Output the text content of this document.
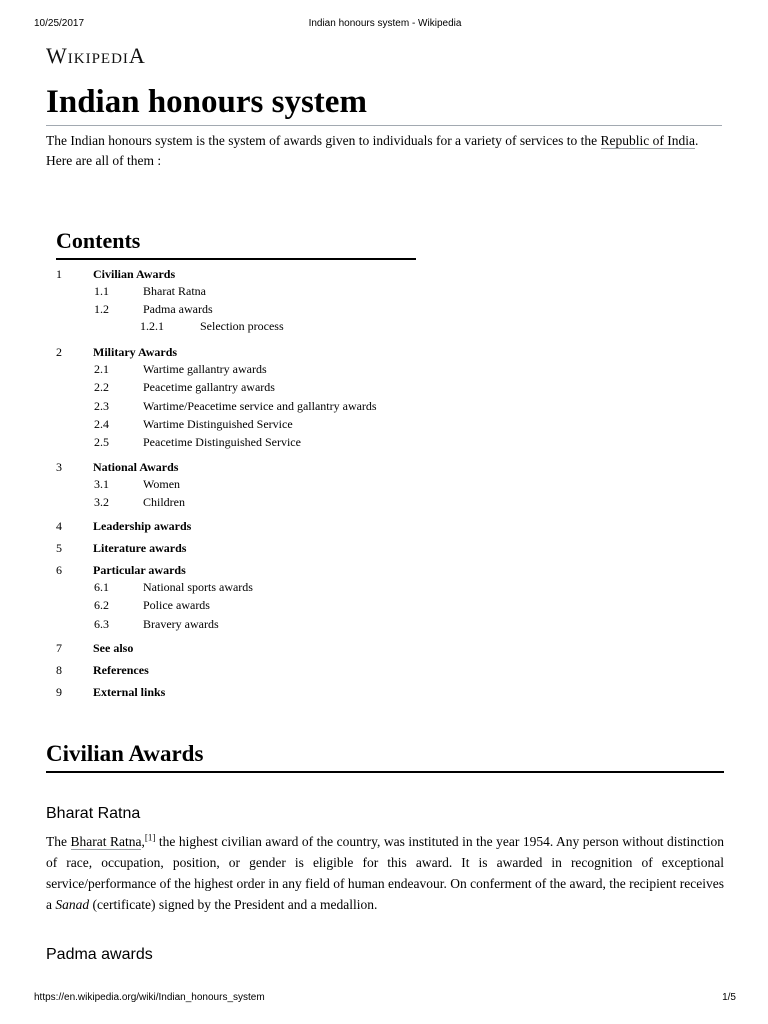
10/25/2017	Indian honours system - Wikipedia
WikipediA
Indian honours system

The Indian honours system is the system of awards given to individuals for a variety of services to the Republic of India. Here are all of them :

Contents
1	Civilian Awards
1.1	Bharat Ratna
1.2	Padma awards
1.2.1	Selection process
2	Military Awards
2.1	Wartime gallantry awards
2.2	Peacetime gallantry awards
2.3	Wartime/Peacetime service and gallantry awards
2.4	Wartime Distinguished Service
2.5	Peacetime Distinguished Service
3	National Awards
3.1	Women
3.2	Children
4	Leadership awards
5	Literature awards
6	Particular awards
6.1	National sports awards
6.2	Police awards
6.3	Bravery awards
7	See also
8	References
9	External links
Civilian Awards
Bharat Ratna

The Bharat Ratna,[1] the highest civilian award of the country, was instituted in the year 1954. Any person without distinction of race, occupation, position, or gender is eligible for this award. It is awarded in recognition of exceptional service/performance of the highest order in any field of human endeavour. On conferment of the award, the recipient receives a Sanad (certificate) signed by the President and a medallion.

Padma awards
https://en.wikipedia.org/wiki/Indian_honours_system	1/5
